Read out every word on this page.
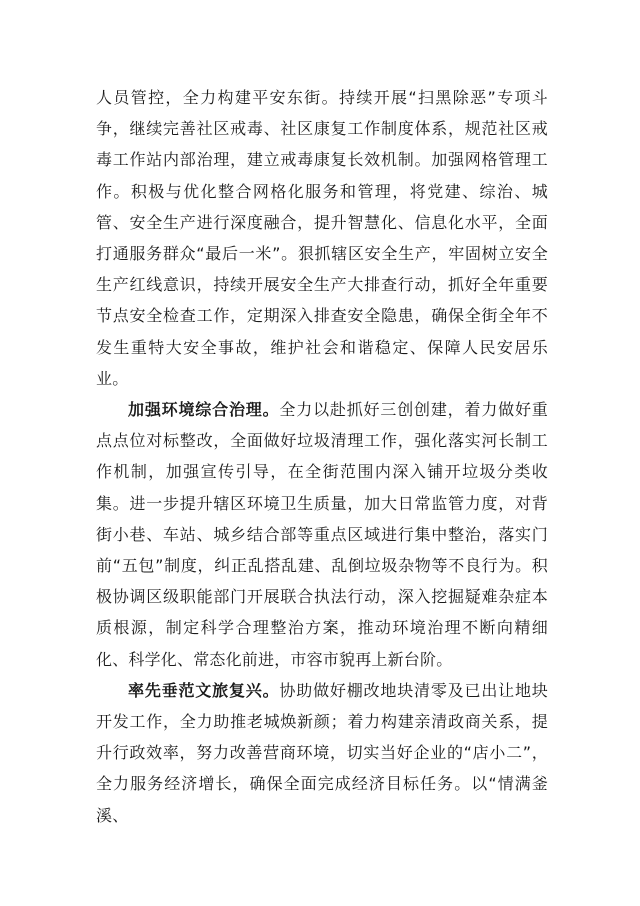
人员管控，全力构建平安东街。持续开展“扫黑除恶”专项斗争，继续完善社区戒毒、社区康复工作制度体系，规范社区戒毒工作站内部治理，建立戒毒康复长效机制。加强网格管理工作。积极与优化整合网格化服务和管理，将党建、综治、城管、安全生产进行深度融合，提升智慧化、信息化水平，全面打通服务群众“最后一米”。狠抓辖区安全生产，牢固树立安全生产红线意识，持续开展安全生产大排查行动，抓好全年重要节点安全检查工作，定期深入排查安全隐患，确保全街全年不发生重特大安全事故，维护社会和谐稳定、保障人民安居乐业。

加强环境综合治理。全力以赴抓好三创创建，着力做好重点点位对标整改，全面做好垃圾清理工作，强化落实河长制工作机制，加强宣传引导，在全街范围内深入铺开垃圾分类收集。进一步提升辖区环境卫生质量，加大日常监管力度，对背街小巷、车站、城乡结合部等重点区域进行集中整治，落实门前“五包”制度，纠正乱搭乱建、乱倒垃圾杂物等不良行为。积极协调区级职能部门开展联合执法行动，深入挖掘疑难杂症本质根源，制定科学合理整治方案，推动环境治理不断向精细化、科学化、常态化前进，市容市貌再上新台阶。

率先垂范文旅复兴。协助做好棚改地块清零及已出让地块开发工作，全力助推老城焕新颜；着力构建亲清政商关系，提升行政效率，努力改善营商环境，切实当好企业的“店小二”，全力服务经济增长，确保全面完成经济目标任务。以“情满釜溪、
